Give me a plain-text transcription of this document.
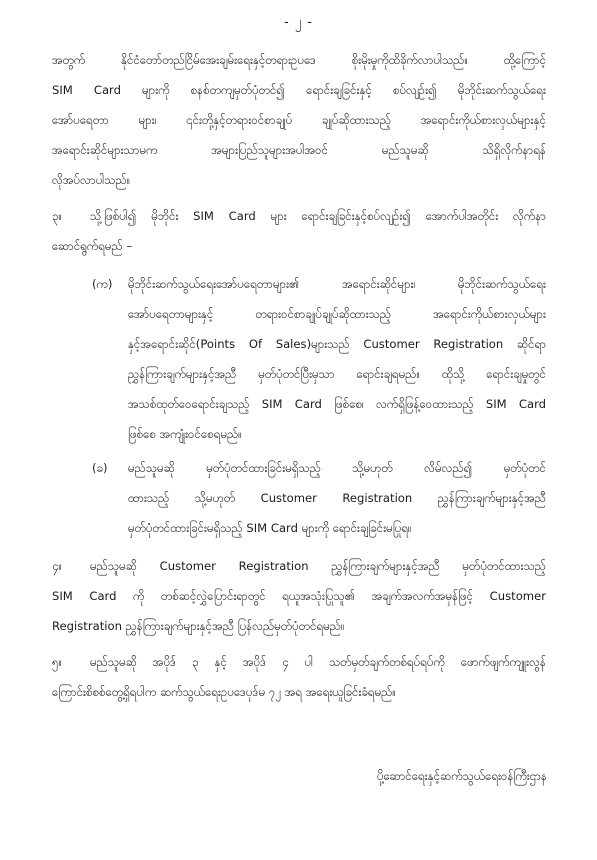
- ၂ -
အတွက် နိုင်ငံတော်တည်ငြိမ်အေးချမ်းရေးနှင့်တရားဥပဒေ စိုးမိုးမှုကိုထိခိုက်လာပါသည်။ ထို့ကြောင့်
SIM Card များကို စနစ်တကျမှတ်ပုံတင်၍ ရောင်းချခြင်းနှင့် စပ်လျဉ်း၍ မိုဘိုင်းဆက်သွယ်ရေး
အော်ပရေတာ များ၊ ၎င်းတို့နှင့်တရားဝင်စာချုပ် ချုပ်ဆိုထားသည့် အရောင်းကိုယ်စားလှယ်များနှင့်
အရောင်းဆိုင်များသာမက အများပြည်သူများအပါအဝင် မည်သူမဆို သိရှိလိုက်နာရန်
လိုအပ်လာပါသည်။
၃။ သို့ဖြစ်ပါ၍ မိုဘိုင်း SIM Card များ ရောင်းချခြင်းနှင့်စပ်လျဉ်း၍ အောက်ပါအတိုင်း လိုက်နာ
ဆောင်ရွက်ရမည် –
(က) မိုဘိုင်းဆက်သွယ်ရေးအော်ပရေတာများ၏ အရောင်းဆိုင်များ၊ မိုဘိုင်းဆက်သွယ်ရေး
အော်ပရေတာများနှင့် တရားဝင်စာချုပ်ချုပ်ဆိုထားသည့် အရောင်းကိုယ်စားလှယ်များ
နှင့်အရောင်းဆိုင်(Points Of Sales)များသည် Customer Registration ဆိုင်ရာ
ညွှန်ကြားချက်များနှင့်အညီ မှတ်ပုံတင်ပြီးမှသာ ရောင်းချရမည်။ ထိုသို့ ရောင်းချမှုတွင်
အသစ်ထုတ်ဝေရောင်းချသည့် SIM Card ဖြစ်စေ၊ လက်ရှိဖြန့်ဝေထားသည့် SIM Card
ဖြစ်စေ အကျုံးဝင်စေရမည်။
(ခ) မည်သူမဆို မှတ်ပုံတင်ထားခြင်းမရှိသည့် သို့မဟုတ် လိမ်လည်၍ မှတ်ပုံတင်
ထားသည့် သို့မဟုတ် Customer Registration ညွှန်ကြားချက်များနှင့်အညီ
မှတ်ပုံတင်ထားခြင်းမရှိသည့် SIM Card များကို ရောင်းချခြင်းမပြုရ။
၄။ မည်သူမဆို Customer Registration ညွှန်ကြားချက်များနှင့်အညီ မှတ်ပုံတင်ထားသည့်
SIM Card ကို တစ်ဆင့်လွှဲပြောင်းရာတွင် ရယူအသုံးပြုသူ၏ အချက်အလက်အမှန်ဖြင့် Customer
Registration ညွှန်ကြားချက်များနှင့်အညီ ပြန်လည်မှတ်ပုံတင်ရမည်။
၅။ မည်သူမဆို အပိုဒ် ၃ နှင့် အပိုဒ် ၄ ပါ သတ်မှတ်ချက်တစ်ရပ်ရပ်ကို ဖောက်ဖျက်ကျူးလွန်
ကြောင်းစိစစ်တွေ့ရှိရပါက ဆက်သွယ်ရေးဥပဒေပုဒ်မ ၇၂ အရ အရေးယူခြင်းခံရမည်။
ပို့ဆောင်ရေးနှင့်ဆက်သွယ်ရေးဝန်ကြီးဌာန
